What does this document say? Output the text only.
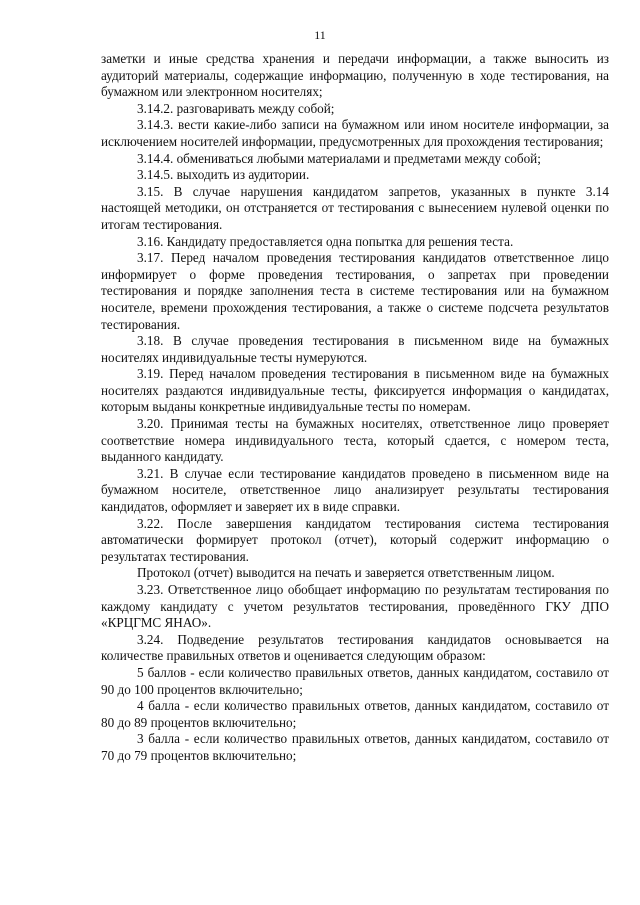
11

заметки и иные средства хранения и передачи информации, а также выносить из аудиторий материалы, содержащие информацию, полученную в ходе тестирования, на бумажном или электронном носителях;

3.14.2. разговаривать между собой;

3.14.3. вести какие-либо записи на бумажном или ином носителе информации, за исключением носителей информации, предусмотренных для прохождения тестирования;

3.14.4. обмениваться любыми материалами и предметами между собой;

3.14.5. выходить из аудитории.

3.15. В случае нарушения кандидатом запретов, указанных в пункте 3.14 настоящей методики, он отстраняется от тестирования с вынесением нулевой оценки по итогам тестирования.

3.16. Кандидату предоставляется одна попытка для решения теста.

3.17. Перед началом проведения тестирования кандидатов ответственное лицо информирует о форме проведения тестирования, о запретах при проведении тестирования и порядке заполнения теста в системе тестирования или на бумажном носителе, времени прохождения тестирования, а также о системе подсчета результатов тестирования.

3.18. В случае проведения тестирования в письменном виде на бумажных носителях индивидуальные тесты нумеруются.

3.19. Перед началом проведения тестирования в письменном виде на бумажных носителях раздаются индивидуальные тесты, фиксируется информация о кандидатах, которым выданы конкретные индивидуальные тесты по номерам.

3.20. Принимая тесты на бумажных носителях, ответственное лицо проверяет соответствие номера индивидуального теста, который сдается, с номером теста, выданного кандидату.

3.21. В случае если тестирование кандидатов проведено в письменном виде на бумажном носителе, ответственное лицо анализирует результаты тестирования кандидатов, оформляет и заверяет их в виде справки.

3.22. После завершения кандидатом тестирования система тестирования автоматически формирует протокол (отчет), который содержит информацию о результатах тестирования.

Протокол (отчет) выводится на печать и заверяется ответственным лицом.

3.23. Ответственное лицо обобщает информацию по результатам тестирования по каждому кандидату с учетом результатов тестирования, проведённого ГКУ ДПО «КРЦГМС ЯНАО».

3.24. Подведение результатов тестирования кандидатов основывается на количестве правильных ответов и оценивается следующим образом:

5 баллов - если количество правильных ответов, данных кандидатом, составило от 90 до 100 процентов включительно;

4 балла - если количество правильных ответов, данных кандидатом, составило от 80 до 89 процентов включительно;

3 балла - если количество правильных ответов, данных кандидатом, составило от 70 до 79 процентов включительно;
